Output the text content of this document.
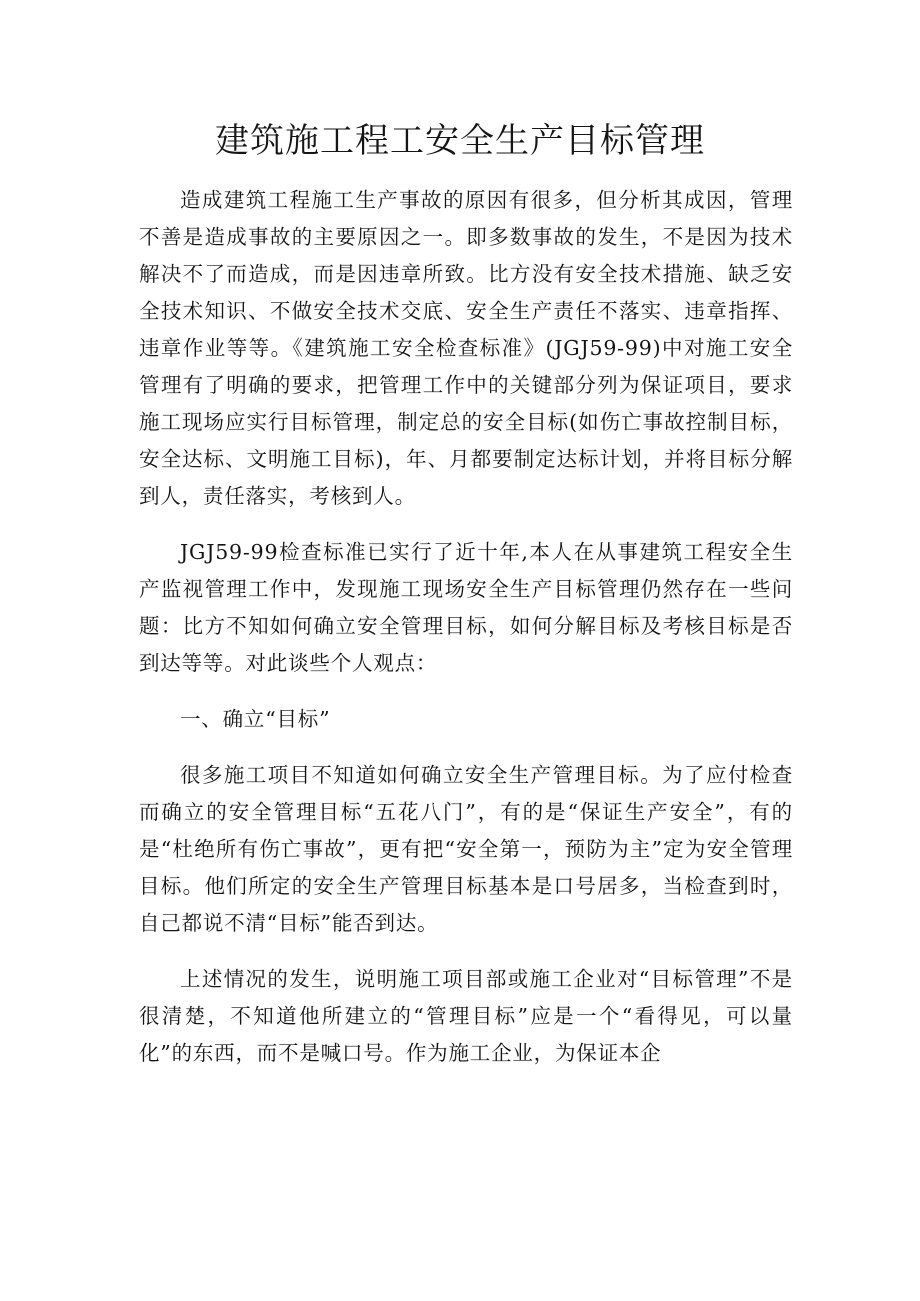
建筑施工程工安全生产目标管理

造成建筑工程施工生产事故的原因有很多，但分析其成因，管理不善是造成事故的主要原因之一。即多数事故的发生，不是因为技术解决不了而造成，而是因违章所致。比方没有安全技术措施、缺乏安全技术知识、不做安全技术交底、安全生产责任不落实、违章指挥、违章作业等等。《建筑施工安全检查标准》(JGJ59-99)中对施工安全管理有了明确的要求，把管理工作中的关键部分列为保证项目，要求施工现场应实行目标管理，制定总的安全目标(如伤亡事故控制目标，安全达标、文明施工目标)，年、月都要制定达标计划，并将目标分解到人，责任落实，考核到人。

JGJ59-99检查标准已实行了近十年,本人在从事建筑工程安全生产监视管理工作中，发现施工现场安全生产目标管理仍然存在一些问题：比方不知如何确立安全管理目标，如何分解目标及考核目标是否到达等等。对此谈些个人观点：

一、确立“目标”

很多施工项目不知道如何确立安全生产管理目标。为了应付检查而确立的安全管理目标“五花八门”，有的是“保证生产安全”，有的是“杜绝所有伤亡事故”，更有把“安全第一，预防为主”定为安全管理目标。他们所定的安全生产管理目标基本是口号居多，当检查到时，自己都说不清“目标”能否到达。

上述情况的发生，说明施工项目部或施工企业对“目标管理”不是很清楚，不知道他所建立的“管理目标”应是一个“看得见，可以量化”的东西，而不是喊口号。作为施工企业，为保证本企
